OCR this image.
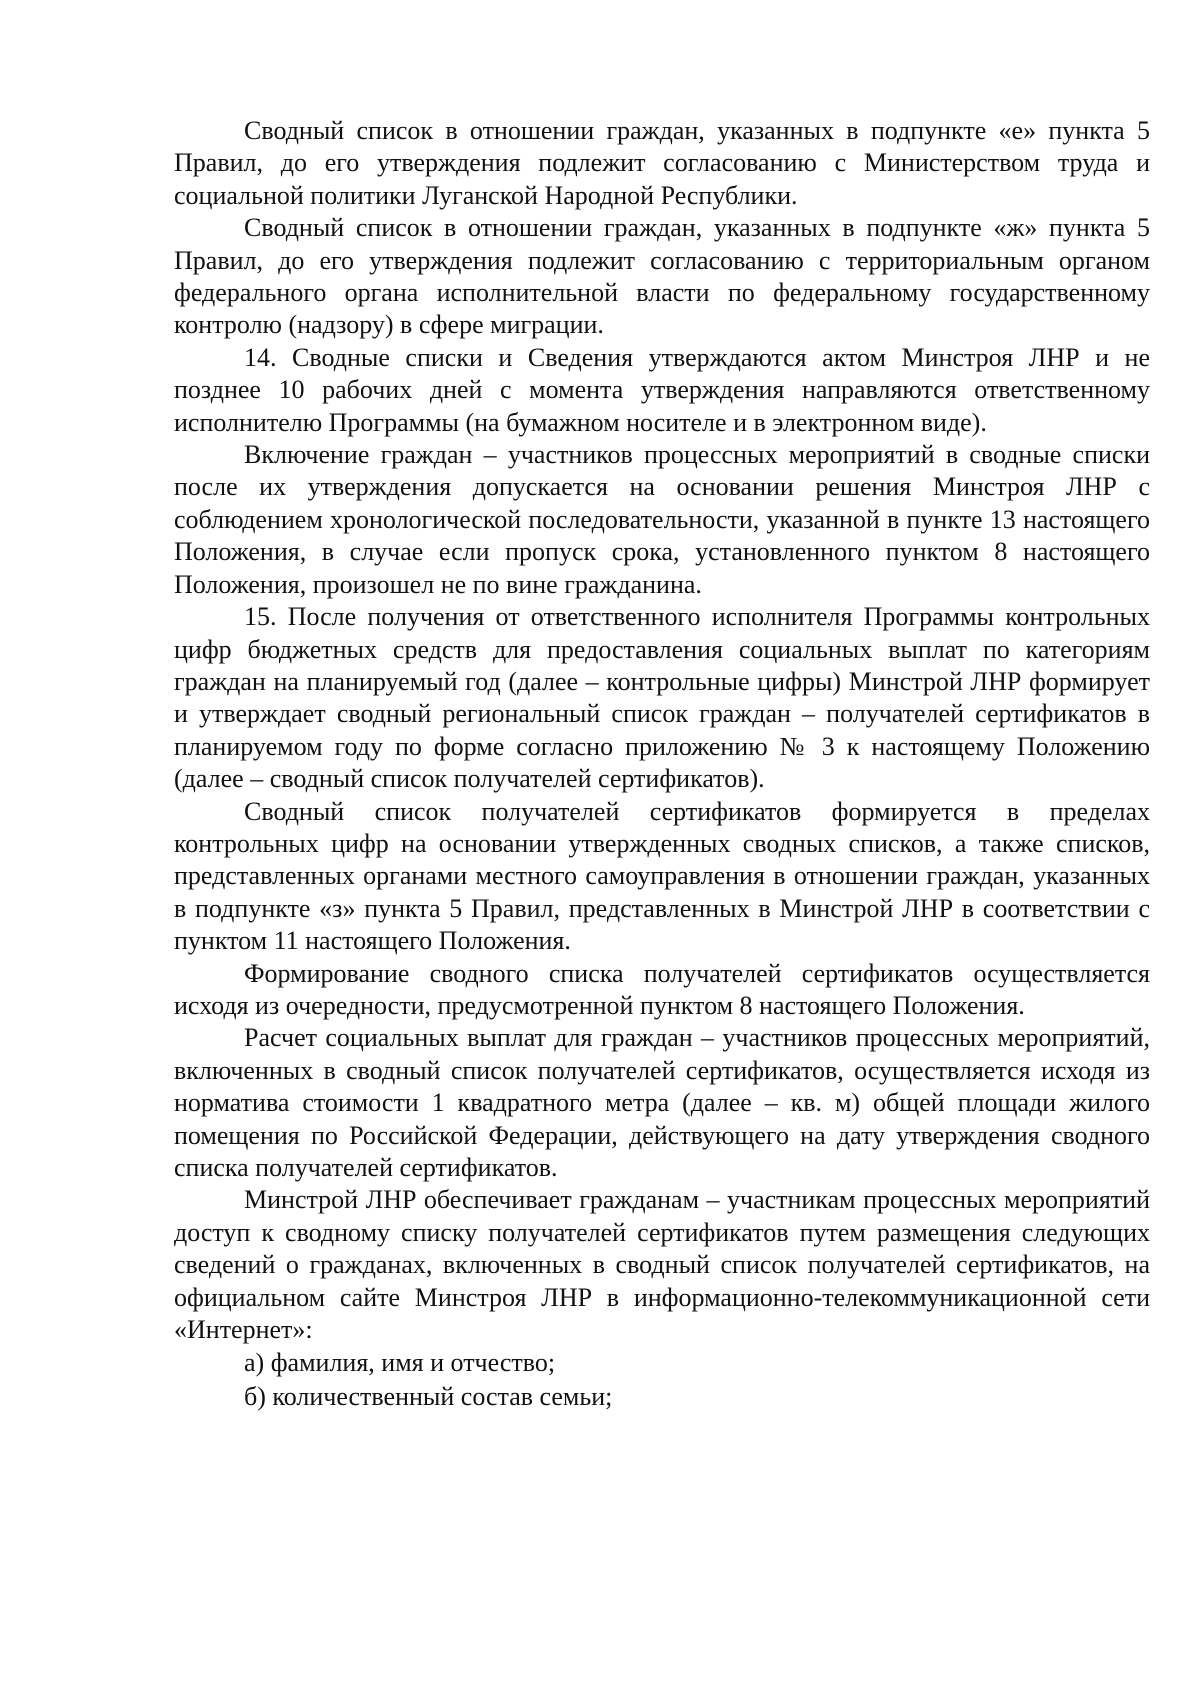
Сводный список в отношении граждан, указанных в подпункте «е» пункта 5 Правил, до его утверждения подлежит согласованию с Министерством труда и социальной политики Луганской Народной Республики.

Сводный список в отношении граждан, указанных в подпункте «ж» пункта 5 Правил, до его утверждения подлежит согласованию с территориальным органом федерального органа исполнительной власти по федеральному государственному контролю (надзору) в сфере миграции.

14. Сводные списки и Сведения утверждаются актом Минстроя ЛНР и не позднее 10 рабочих дней с момента утверждения направляются ответственному исполнителю Программы (на бумажном носителе и в электронном виде).

Включение граждан – участников процессных мероприятий в сводные списки после их утверждения допускается на основании решения Минстроя ЛНР с соблюдением хронологической последовательности, указанной в пункте 13 настоящего Положения, в случае если пропуск срока, установленного пунктом 8 настоящего Положения, произошел не по вине гражданина.

15. После получения от ответственного исполнителя Программы контрольных цифр бюджетных средств для предоставления социальных выплат по категориям граждан на планируемый год (далее – контрольные цифры) Минстрой ЛНР формирует и утверждает сводный региональный список граждан – получателей сертификатов в планируемом году по форме согласно приложению № 3 к настоящему Положению (далее – сводный список получателей сертификатов).

Сводный список получателей сертификатов формируется в пределах контрольных цифр на основании утвержденных сводных списков, а также списков, представленных органами местного самоуправления в отношении граждан, указанных в подпункте «з» пункта 5 Правил, представленных в Минстрой ЛНР в соответствии с пунктом 11 настоящего Положения.

Формирование сводного списка получателей сертификатов осуществляется исходя из очередности, предусмотренной пунктом 8 настоящего Положения.

Расчет социальных выплат для граждан – участников процессных мероприятий, включенных в сводный список получателей сертификатов, осуществляется исходя из норматива стоимости 1 квадратного метра (далее – кв. м) общей площади жилого помещения по Российской Федерации, действующего на дату утверждения сводного списка получателей сертификатов.

Минстрой ЛНР обеспечивает гражданам – участникам процессных мероприятий доступ к сводному списку получателей сертификатов путем размещения следующих сведений о гражданах, включенных в сводный список получателей сертификатов, на официальном сайте Минстроя ЛНР в информационно-телекоммуникационной сети «Интернет»:

а) фамилия, имя и отчество;

б) количественный состав семьи;
